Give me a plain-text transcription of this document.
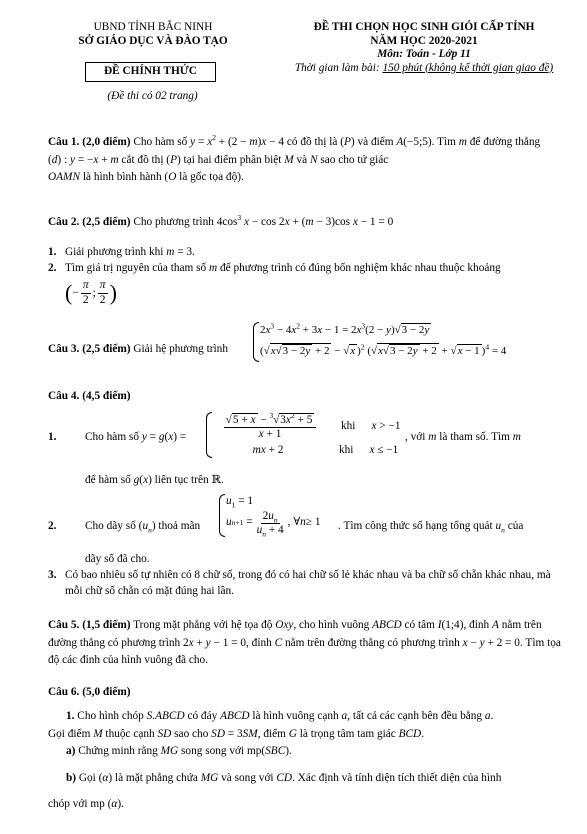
UBND TỈNH BẮC NINH
SỞ GIÁO DỤC VÀ ĐÀO TẠO
ĐỀ CHÍNH THỨC
(Đề thi có 02 trang)
ĐỀ THI CHỌN HỌC SINH GIỎI CẤP TỈNH
NĂM HỌC 2020-2021
Môn: Toán - Lớp 11
Thời gian làm bài: 150 phút (không kể thời gian giao đề)
Câu 1. (2,0 điểm) Cho hàm số $y = x^2 + (2 - m)x - 4$ có đồ thị là (P) và điểm A(−5;5). Tìm m để đường thẳng (d) : y = −x + m cắt đồ thị (P) tại hai điểm phân biệt M và N sao cho tứ giác
OAMN là hình bình hành (O là gốc tọa độ).
Câu 2. (2,5 điểm) Cho phương trình $4\cos^3$ x − cos 2x + (m − 3)cos x − 1 = 0
1. Giải phương trình khi m = 3.
2. Tìm giá trị nguyên của tham số m để phương trình có đúng bốn nghiệm khác nhau thuộc khoảng
(− $\frac{\pi}{2}$ ; $\frac{\pi}{2}$ )
Câu 3. (2,5 điểm) Giải hệ phương trình
$2x^3 - 4x^2 + 3x - 1 = 2x^3(2 - y)√3 - 2y$
(√x√3 − 2y + 2 − √x )$^2$ (√x√3 − 2y + 2 + √x − 1 )$^4$ = 4
Câu 4. (4,5 điểm)
1.	Cho hàm số y = g(x) =	$\frac{√5 + x - ^3√3x^2 + 5}{x + 1}$ khi x > −1
mx + 2	khi x ≤ −1
, với m là tham số. Tìm m
để hàm số g(x) liên tục trên ℝ.
2.	Cho dãy số $(u_n)$ thoả mãn
$u_1 = 1$
u $n+1 = \frac{2u_n}{u_n + 4}$ , ∀ n ≥ 1 . Tìm công thức số hạng tổng quát $u_n$ của
dãy số đã cho.
3. Có bao nhiêu số tự nhiên có 8 chữ số, trong đó có hai chữ số lẻ khác nhau và ba chữ số chẵn khác nhau, mà mỗi chữ số chẵn có mặt đúng hai lần.
Câu 5. (1,5 điểm) Trong mặt phẳng với hệ tọa độ Oxy, cho hình vuông ABCD có tâm I(1;4), đỉnh A nằm trên đường thẳng có phương trình 2x + y − 1 = 0, đỉnh C nằm trên đường thẳng có phương trình x − y + 2 = 0. Tìm tọa độ các đỉnh của hình vuông đã cho.
Câu 6. (5,0 điểm)
1. Cho hình chóp S.ABCD có đáy ABCD là hình vuông cạnh a, tất cả các cạnh bên đều bằng a.
Gọi điểm M thuộc cạnh SD sao cho SD = 3SM, điểm G là trọng tâm tam giác BCD.
a) Chứng minh rằng MG song song với mp(SBC).
b) Gọi (α) là mặt phẳng chứa MG và song với CD. Xác định và tính diện tích thiết diện của hình
chóp với mp (α).
